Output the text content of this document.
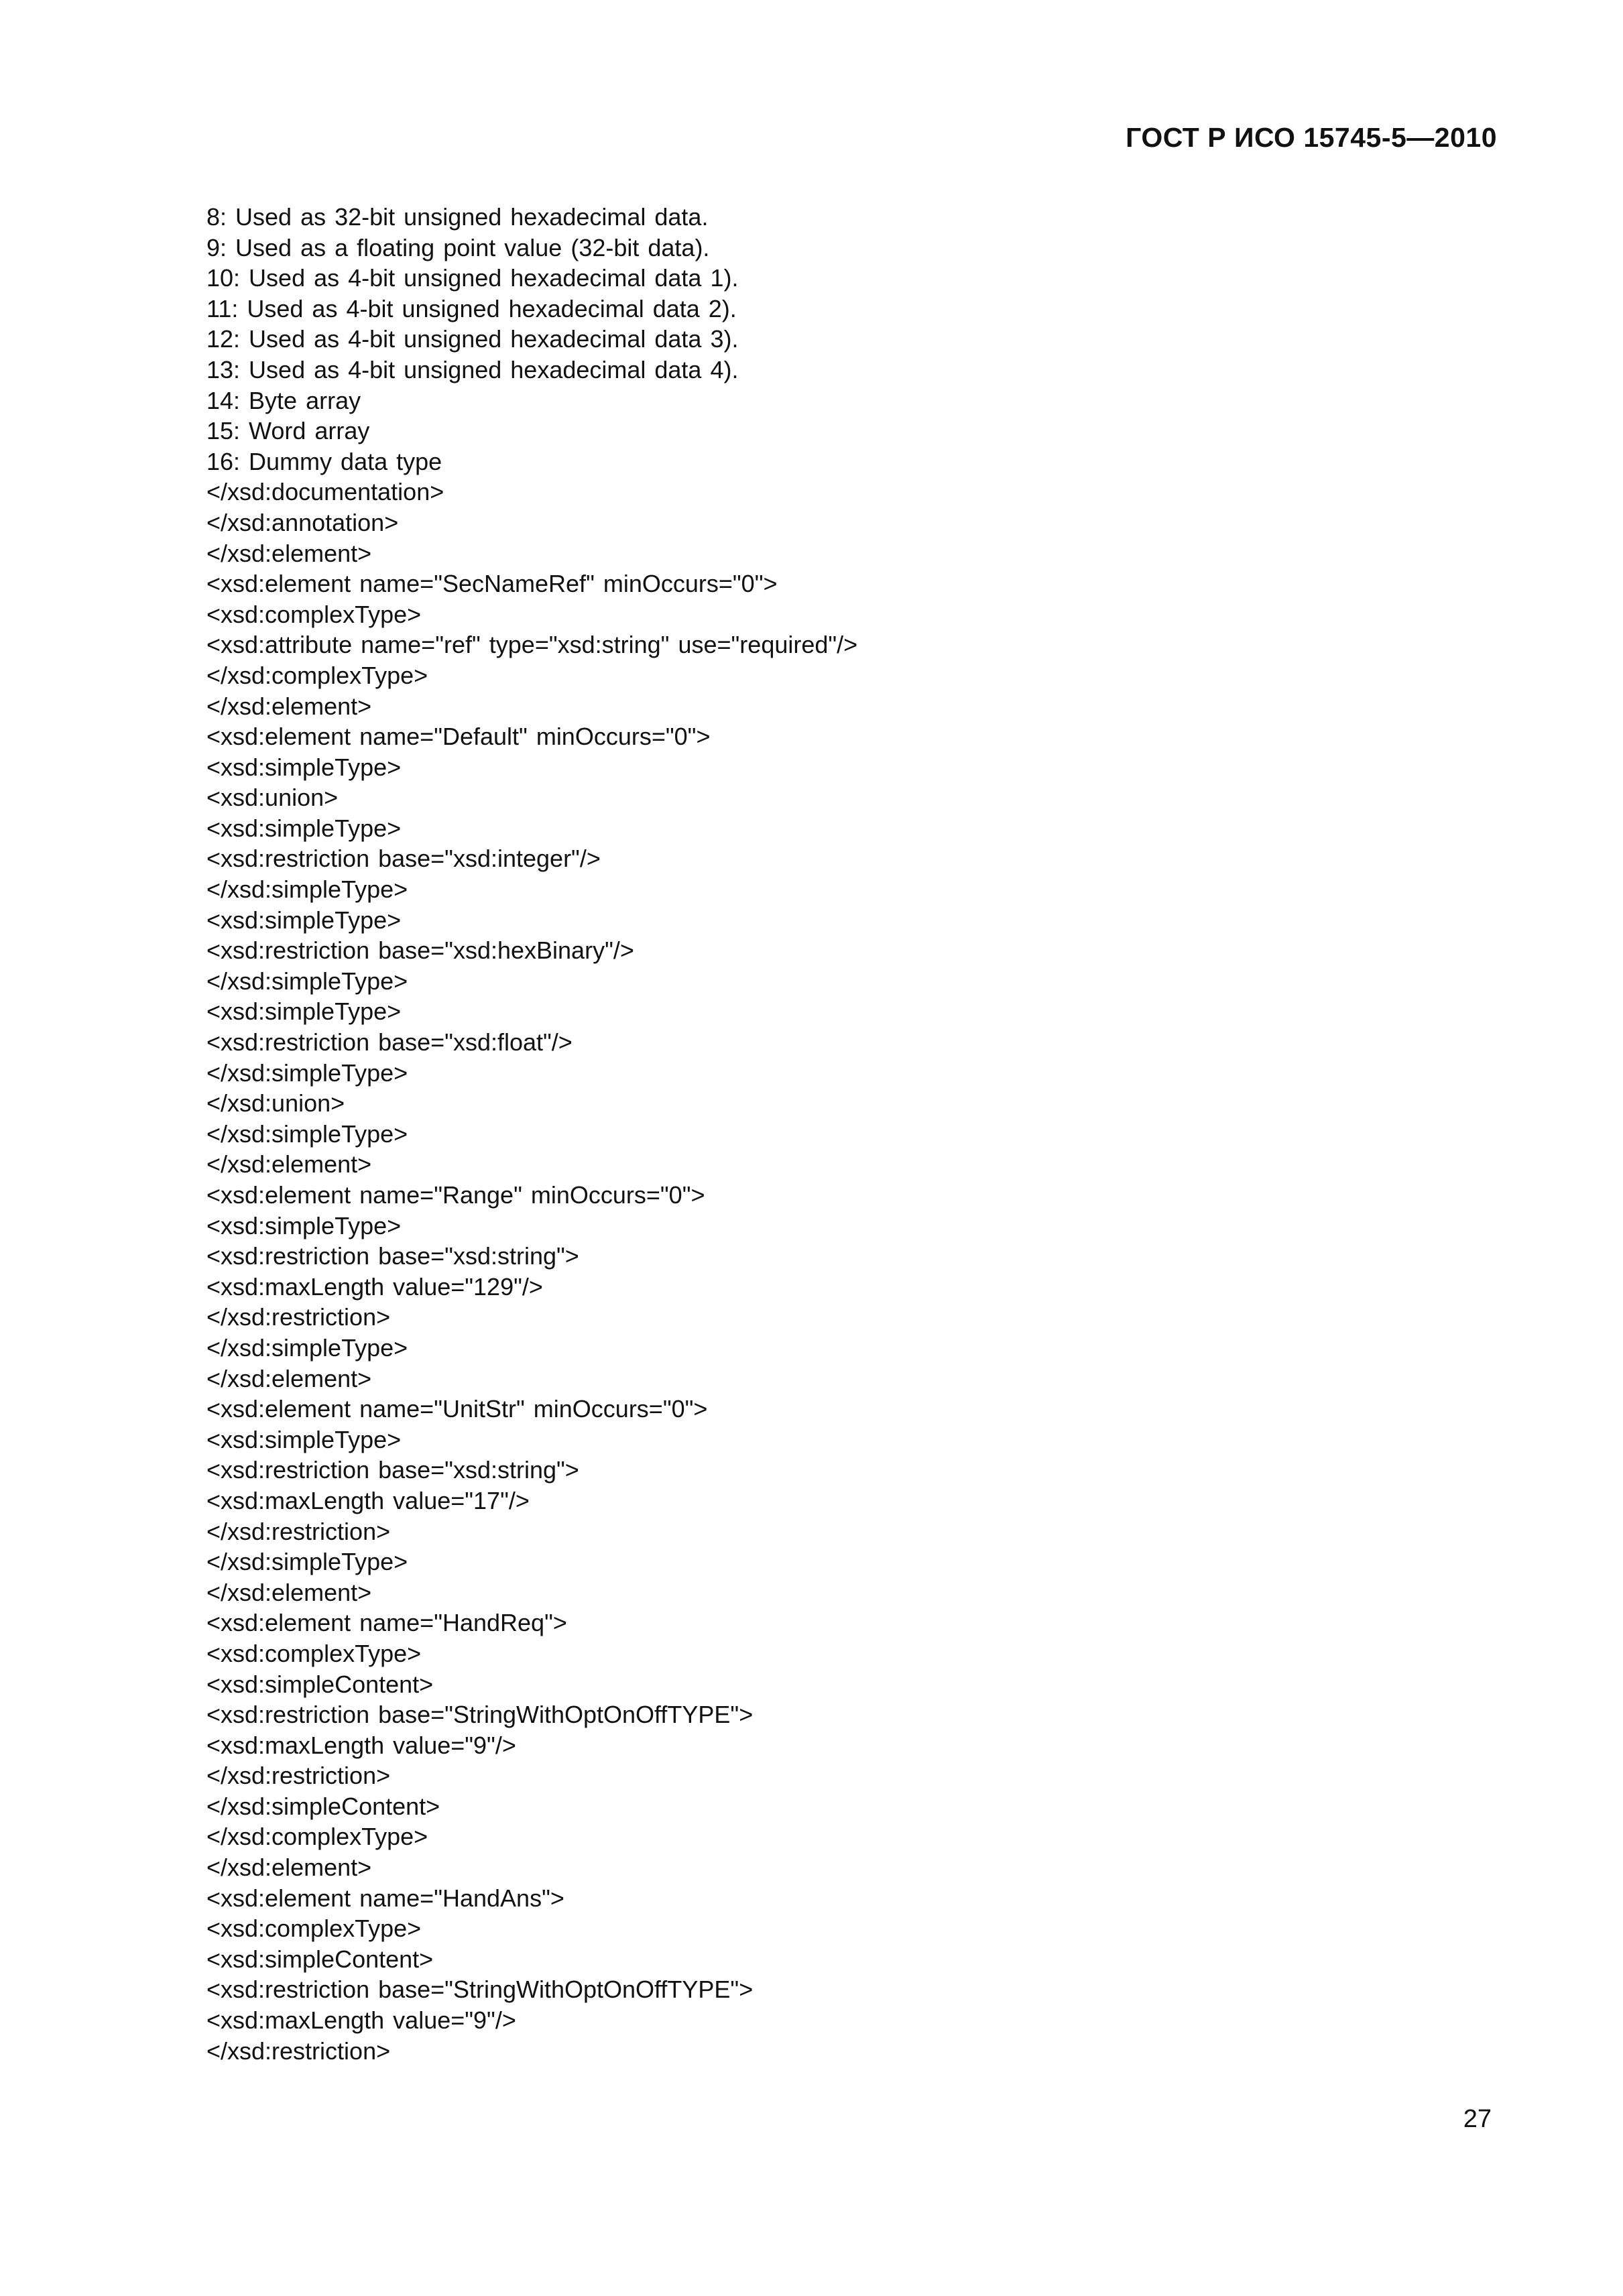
ГОСТ Р ИСО 15745-5—2010
8: Used as 32-bit unsigned hexadecimal data.
9: Used as a floating point value (32-bit data).
10: Used as 4-bit unsigned hexadecimal data 1).
11: Used as 4-bit unsigned hexadecimal data 2).
12: Used as 4-bit unsigned hexadecimal data 3).
13: Used as 4-bit unsigned hexadecimal data 4).
14: Byte array
15: Word array
16: Dummy data type
</xsd:documentation>
</xsd:annotation>
</xsd:element>
<xsd:element name="SecNameRef" minOccurs="0">
<xsd:complexType>
<xsd:attribute name="ref" type="xsd:string" use="required"/>
</xsd:complexType>
</xsd:element>
<xsd:element name="Default" minOccurs="0">
<xsd:simpleType>
<xsd:union>
<xsd:simpleType>
<xsd:restriction base="xsd:integer"/>
</xsd:simpleType>
<xsd:simpleType>
<xsd:restriction base="xsd:hexBinary"/>
</xsd:simpleType>
<xsd:simpleType>
<xsd:restriction base="xsd:float"/>
</xsd:simpleType>
</xsd:union>
</xsd:simpleType>
</xsd:element>
<xsd:element name="Range" minOccurs="0">
<xsd:simpleType>
<xsd:restriction base="xsd:string">
<xsd:maxLength value="129"/>
</xsd:restriction>
</xsd:simpleType>
</xsd:element>
<xsd:element name="UnitStr" minOccurs="0">
<xsd:simpleType>
<xsd:restriction base="xsd:string">
<xsd:maxLength value="17"/>
</xsd:restriction>
</xsd:simpleType>
</xsd:element>
<xsd:element name="HandReq">
<xsd:complexType>
<xsd:simpleContent>
<xsd:restriction base="StringWithOptOnOffTYPE">
<xsd:maxLength value="9"/>
</xsd:restriction>
</xsd:simpleContent>
</xsd:complexType>
</xsd:element>
<xsd:element name="HandAns">
<xsd:complexType>
<xsd:simpleContent>
<xsd:restriction base="StringWithOptOnOffTYPE">
<xsd:maxLength value="9"/>
</xsd:restriction>
27
